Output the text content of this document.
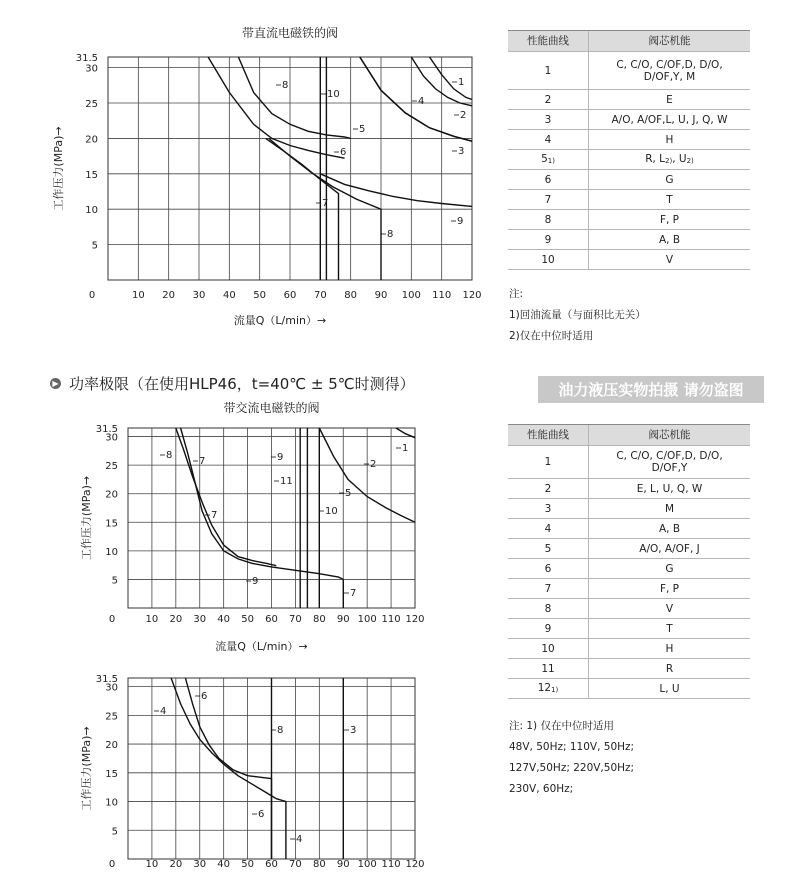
0	10 20 30 40 50 60 70 80 90 100 110 120
5
10
15
20
25
30
31.5
带直流电磁铁的阀
流量Q（L/min）→
工作压力(MPa)→
1
2
3
4
5
6
7
8
8
9
10
▶ 功率极限（在使用HLP46，t=40℃ ± 5℃时测得）	油力液压实物拍摄 请勿盗图
0	10 20 30 40 50 60 70 80 90 100 110 120
5
10
15
20
25
30
31.5
带交流电磁铁的阀
流量Q（L/min）→
工作压力(MPa)→
1
2
5
7
7
7
8
9
9
10
11
0	10 20 30 40 50 60 70 80 90 100 110 120
5
10
15
20
25
30
31.5
工作压力(MPa)→	3
4
4
6
6
8
性能曲线	阀芯机能
1	C, C/O, C/OF,D, D/O, D/OF,Y, M
2	E
3	A/O, A/OF,L, U, J, Q, W
4	H
$5_{1)}$	R, $L_{2)}$, $U_{2)}$
6	G
7	T
8	F, P
9	A, B
10	V
注:
1)回油流量（与面积比无关）
2)仅在中位时适用
性能曲线	阀芯机能
1	C, C/O, C/OF,D, D/O, D/OF,Y
2	E, L, U, Q, W
3	M
4	A, B
5	A/O, A/OF, J
6	G
7	F, P
8	V
9	T
10	H
11	R
$12_{1)}$	L, U
注: 1) 仅在中位时适用
48V, 50Hz; 110V, 50Hz;
127V,50Hz; 220V,50Hz;
230V, 60Hz;
